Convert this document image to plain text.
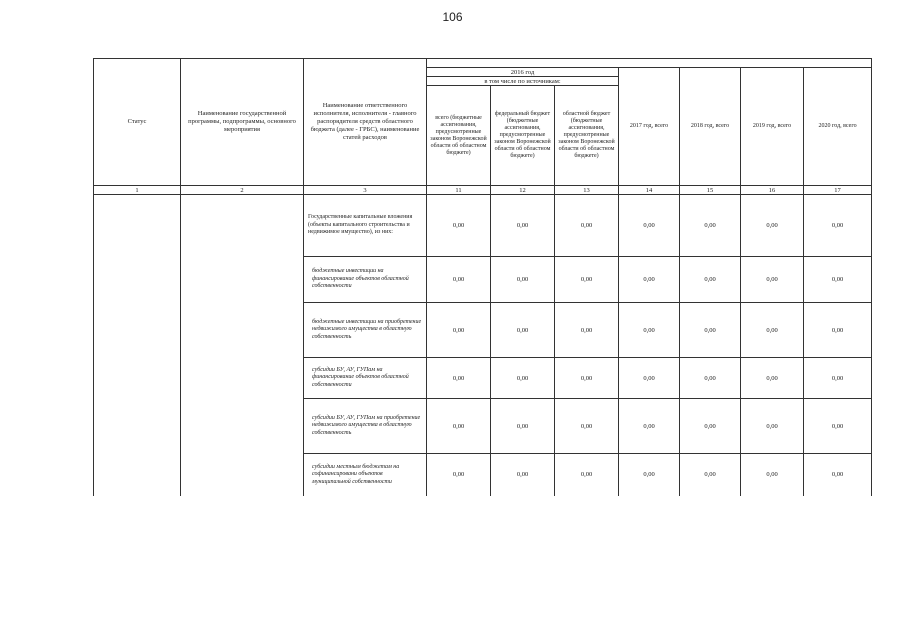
106
Статус	Наименование государственной программы, подпрограммы, основного мероприятия	Наименование ответственного исполнителя, исполнителя - главного распорядителя средств областного бюджета (далее - ГРБС), наименование статей расходов							
			2016 год			2017 год, всего	2018 год, всего	2019 год, всего	2020 год, всего
			в том числе по источникам:						
			всего (бюджетные ассигнования, предусмотренные законом Воронежской области об областном бюджете)	федеральный бюджет (бюджетные ассигнования, предусмотренные законом Воронежской области об областном бюджете)	областной бюджет (бюджетные ассигнования, предусмотренные законом Воронежской области об областном бюджете)				
1	2	3	11	12	13	14	15	16	17
		Государственные капитальные вложения (объекты капитального строительства и недвижимое имущество), из них:	0,00	0,00	0,00	0,00	0,00	0,00	0,00
		бюджетные инвестиции на финансирование объектов областной собственности	0,00	0,00	0,00	0,00	0,00	0,00	0,00
		бюджетные инвестиции на приобретение недвижимого имущества в областную собственность	0,00	0,00	0,00	0,00	0,00	0,00	0,00
		субсидии БУ, АУ, ГУПам на финансирование объектов областной собственности	0,00	0,00	0,00	0,00	0,00	0,00	0,00
		субсидии БУ, АУ, ГУПам на приобретение недвижимого имущества в областную собственность	0,00	0,00	0,00	0,00	0,00	0,00	0,00
		субсидии местным бюджетам на софинансировани объектов муниципальной собственности	0,00	0,00	0,00	0,00	0,00	0,00	0,00
